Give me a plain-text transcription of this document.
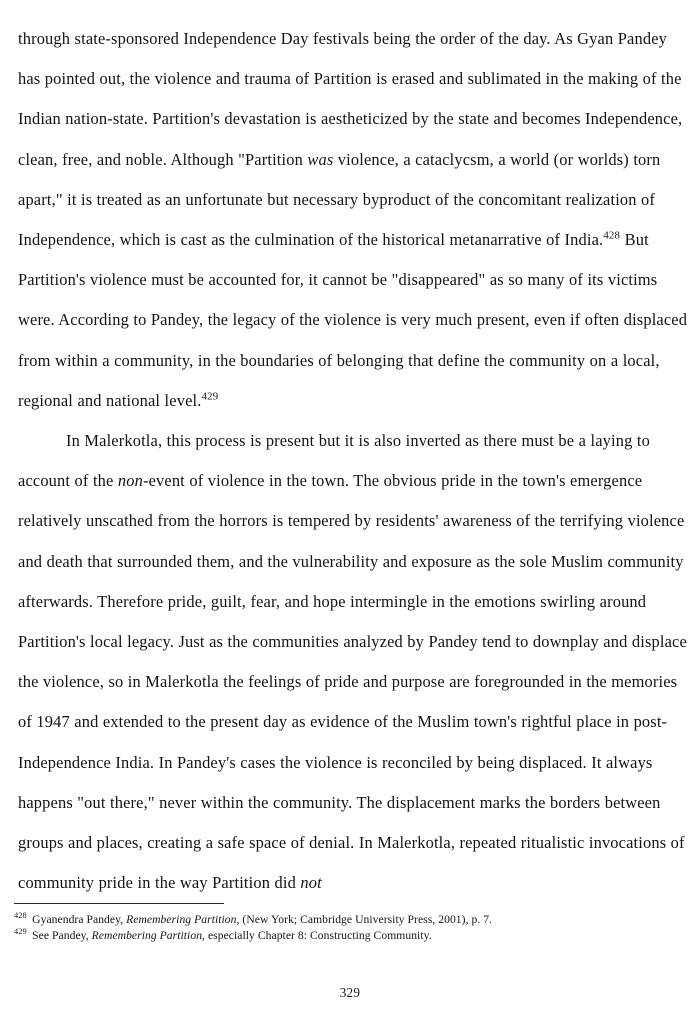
through state-sponsored Independence Day festivals being the order of the day. As Gyan Pandey has pointed out, the violence and trauma of Partition is erased and sublimated in the making of the Indian nation-state. Partition's devastation is aestheticized by the state and becomes Independence, clean, free, and noble. Although "Partition was violence, a cataclycsm, a world (or worlds) torn apart," it is treated as an unfortunate but necessary byproduct of the concomitant realization of Independence, which is cast as the culmination of the historical metanarrative of India.$^{428}$ But Partition's violence must be accounted for, it cannot be "disappeared" as so many of its victims were. According to Pandey, the legacy of the violence is very much present, even if often displaced from within a community, in the boundaries of belonging that define the community on a local, regional and national level.$^{429}$

In Malerkotla, this process is present but it is also inverted as there must be a laying to account of the non-event of violence in the town. The obvious pride in the town's emergence relatively unscathed from the horrors is tempered by residents' awareness of the terrifying violence and death that surrounded them, and the vulnerability and exposure as the sole Muslim community afterwards. Therefore pride, guilt, fear, and hope intermingle in the emotions swirling around Partition's local legacy. Just as the communities analyzed by Pandey tend to downplay and displace the violence, so in Malerkotla the feelings of pride and purpose are foregrounded in the memories of 1947 and extended to the present day as evidence of the Muslim town's rightful place in post-Independence India. In Pandey's cases the violence is reconciled by being displaced. It always happens "out there," never within the community. The displacement marks the borders between groups and places, creating a safe space of denial. In Malerkotla, repeated ritualistic invocations of community pride in the way Partition did not

$^{428}$ Gyanendra Pandey, Remembering Partition, (New York; Cambridge University Press, 2001), p. 7.

$^{429}$ See Pandey, Remembering Partition, especially Chapter 8: Constructing Community.

329
